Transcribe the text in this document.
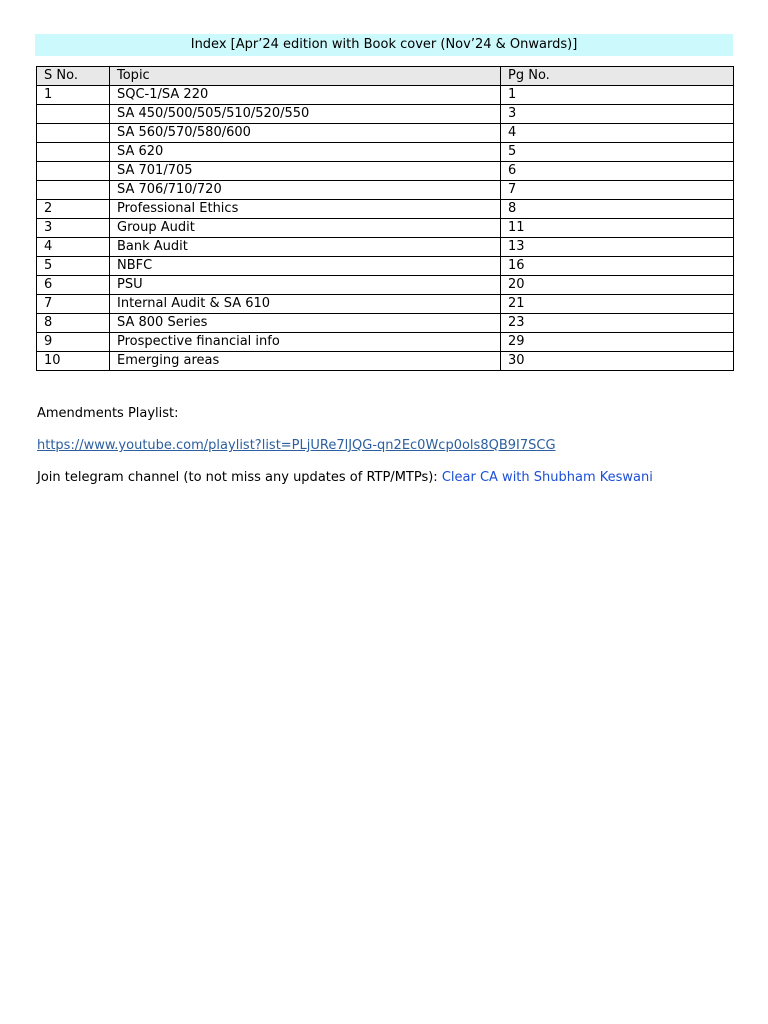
Index [Apr’24 edition with Book cover (Nov’24 & Onwards)]
S No.	Topic	Pg No.
1	SQC-1/SA 220	1
	SA 450/500/505/510/520/550	3
	SA 560/570/580/600	4
	SA 620	5
	SA 701/705	6
	SA 706/710/720	7
2	Professional Ethics	8
3	Group Audit	11
4	Bank Audit	13
5	NBFC	16
6	PSU	20
7	Internal Audit & SA 610	21
8	SA 800 Series	23
9	Prospective financial info	29
10	Emerging areas	30
Amendments Playlist:
https://www.youtube.com/playlist?list=PLjURe7lJQG-qn2Ec0Wcp0ols8QB9I7SCG
Join telegram channel (to not miss any updates of RTP/MTPs): Clear CA with Shubham Keswani
